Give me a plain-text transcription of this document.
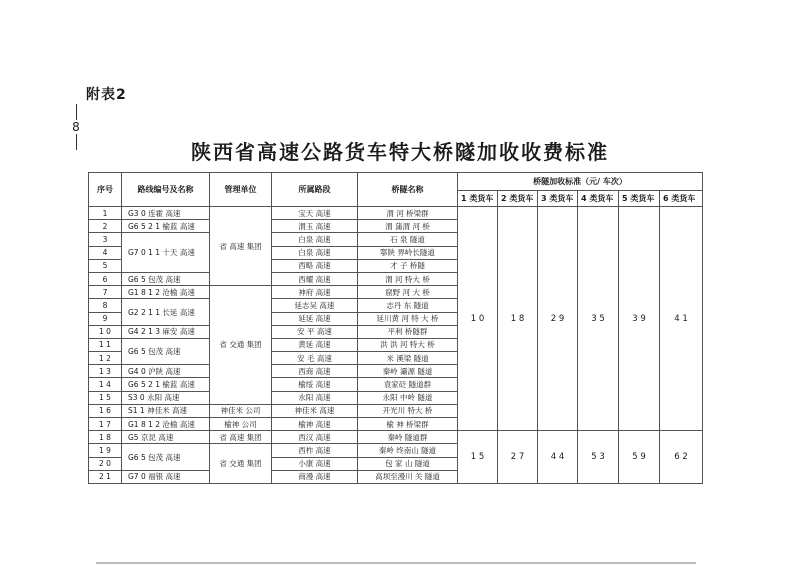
附表2
8
陕西省高速公路货车特大桥隧加收收费标准
序号	路线编号及名称	管理单位	所属路段	桥隧名称	桥隧加收标准（元/ 车次）					
					1 类货车	2 类货车	3 类货车	4 类货车	5 类货车	6 类货车
1	G3 0 连霍 高速	省 高速 集团	宝天 高速	渭 河 桥梁群	1 0	1 8	2 9	3 5	3 9	4 1
2	G6 5 2 1 榆蓝 高速		渭玉 高速	渭 蒲渭 河 桥						
3	G7 0 1 1 十天 高速		白泉 高速	石 泉 隧道						
4			白泉 高速	鄠陕 界岭长隧道						
5			西略 高速	才 子 桥隧						
6	G6 5 包茂 高速		西耀 高速	渭 河 特大 桥						
7	G1 8 1 2 沧榆 高速	省 交通 集团	神府 高速	窟野 河 大 桥						
8	G2 2 1 1 长延 高速		延志吴 高速	志丹 东 隧道						
9			延延 高速	延川黄 河 特 大 桥						
1 0	G4 2 1 3 麻安 高速		安 平 高速	平利 桥隧群						
1 1	G6 5 包茂 高速		黄延 高速	洪 洪 河 特大 桥						
1 2			安 毛 高速	米 溪梁 隧道						
1 3	G4 0 沪陕 高速		西商 高速	秦岭 灞源 隧道						
1 4	G6 5 2 1 榆蓝 高速		榆绥 高速	袁家砭 隧道群						
1 5	S3 0 永阳 高速		永阳 高速	永阳 中岭 隧道						
1 6	S1 1 神佳米 高速	神佳米 公司	神佳米 高速	开光川 特大 桥						
1 7	G1 8 1 2 沧榆 高速	榆神 公司	榆神 高速	榆 神 桥梁群						
1 8	G5 京昆 高速	省 高速 集团	西汉 高速	秦岭 隧道群	1 5	2 7	4 4	5 3	5 9	6 2
1 9	G6 5 包茂 高速	省 交通 集团	西柞 高速	秦岭 终南山 隧道						
2 0			小康 高速	包 家 山 隧道						
2 1	G7 0 福银 高速		商漫 高速	高坝至漫川 关 隧道						
